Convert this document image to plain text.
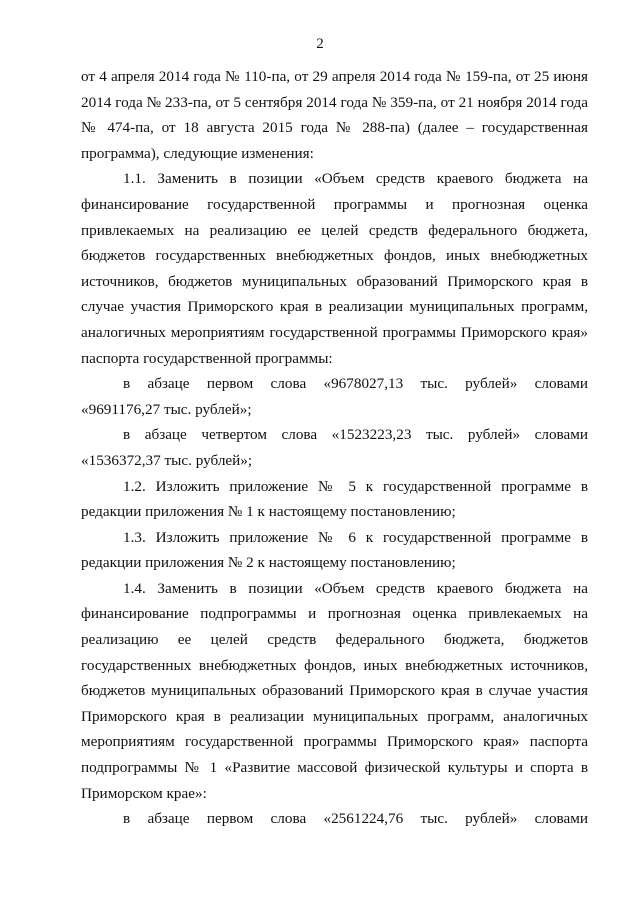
2
от 4 апреля 2014 года № 110-па, от 29 апреля 2014 года № 159-па, от 25 июня
2014 года № 233-па, от 5 сентября 2014 года № 359-па, от 21 ноября 2014 года
№ 474-па, от 18 августа 2015 года № 288-па) (далее – государственная
программа), следующие изменения:
1.1. Заменить в позиции «Объем средств краевого бюджета на
финансирование государственной программы и прогнозная оценка
привлекаемых на реализацию ее целей средств федерального бюджета,
бюджетов государственных внебюджетных фондов, иных внебюджетных
источников, бюджетов муниципальных образований Приморского края в
случае участия Приморского края в реализации муниципальных программ,
аналогичных мероприятиям государственной программы Приморского края»
паспорта государственной программы:
в абзаце первом слова «9678027,13 тыс. рублей» словами
«9691176,27 тыс. рублей»;
в абзаце четвертом слова «1523223,23 тыс. рублей» словами
«1536372,37 тыс. рублей»;
1.2. Изложить приложение № 5 к государственной программе в
редакции приложения № 1 к настоящему постановлению;
1.3. Изложить приложение № 6 к государственной программе в
редакции приложения № 2 к настоящему постановлению;
1.4. Заменить в позиции «Объем средств краевого бюджета на
финансирование подпрограммы и прогнозная оценка привлекаемых на
реализацию ее целей средств федерального бюджета, бюджетов
государственных внебюджетных фондов, иных внебюджетных источников,
бюджетов муниципальных образований Приморского края в случае участия
Приморского края в реализации муниципальных программ, аналогичных
мероприятиям государственной программы Приморского края» паспорта
подпрограммы № 1 «Развитие массовой физической культуры и спорта в
Приморском крае»:
в абзаце первом слова «2561224,76 тыс. рублей» словами
